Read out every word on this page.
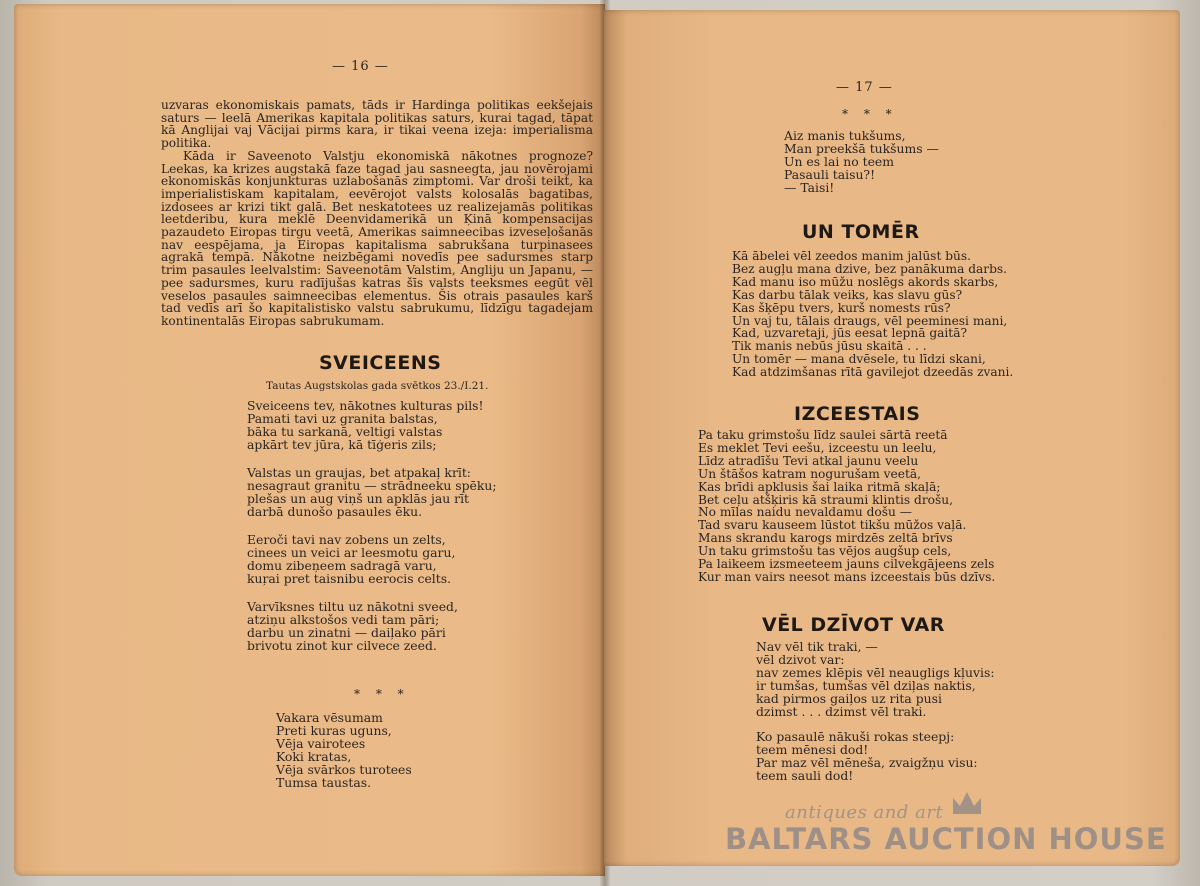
— 16 —

uzvaras ekonomiskais pamats, tāds ir Hardinga politikas eekšejais saturs — leelā Amerikas kapitala politikas saturs, kurai tagad, tāpat kā Anglijai vaj Vācijai pirms kara, ir tikai veena izeja: imperialisma politika.

Kāda ir Saveenoto Valstju ekonomiskā nākotnes prognoze? Leekas, ka krizes augstakā faze tagad jau sasneegta, jau novērojami ekonomiskās konjunkturas uzlabošanās zimptomi. Var droši teikt, ka imperialistiskam kapitalam, eevērojot valsts kolosalās bagatibas, izdosees ar krizi tikt galā. Bet neskatotees uz realizejamās politikas leetderibu, kura meklē Deenvidamerikā un Ķinā kompensacijas pazaudeto Eiropas tirgu veetā, Amerikas saimneecibas izveseļošanās nav eespējama, ja Eiropas kapitalisma sabrukšana turpinasees agrakā tempā. Nākotne neizbēgami novedīs pee sadursmes starp trim pasaules leelvalstim: Saveenotām Valstim, Angliju un Japanu, — pee sadursmes, kuru radījušas katras šīs valsts teeksmes eegūt vēl veselos pasaules saimneecibas elementus. Šis otrais pasaules karš tad vedīs arī šo kapitalistisko valstu sabrukumu, līdzīgu tagadejam kontinentalās Eiropas sabrukumam.

SVEICEENS
Tautas Augstskolas gada svētkos 23./I.21.
Sveiceens tev, nākotnes kulturas pils!
Pamati tavi uz granita balstas,
bāka tu sarkanā, veltigi valstas
apkārt tev jūra, kā tīģeris zils;
Valstas un graujas, bet atpakaļ krīt:
nesagraut granitu — strādneeku spēku;
plešas un aug viņš un apklās jau rīt
darbā dunošo pasaules ēku.
Eeroči tavi nav zobens un zelts,
cinees un veici ar leesmotu garu,
domu zibeņeem sadragā varu,
kuŗai pret taisnibu eerocis celts.
Varvīksnes tiltu uz nākotni sveed,
atziņu alkstošos vedi tam pāri;
darbu un zinatni — daiļako pāri
brivotu zinot kur cilvece zeed.
* * *
Vakara vēsumam
Preti kuras uguns,
Vēja vairotees
Koki kratas,
Vēja svārkos turotees
Tumsa taustas.
— 17 —
* * *
Aiz manis tukšums,
Man preekšā tukšums —
Un es lai no teem
Pasauli taisu?!
— Taisi!
UN TOMĒR
Kā ābelei vēl zeedos manim jalūst būs.
Bez augļu mana dzive, bez panākuma darbs.
Kad manu iso mūžu noslēgs akords skarbs,
Kas darbu tālak veiks, kas slavu gūs?
Kas šķēpu tvers, kurš nomests rūs?
Un vaj tu, tālais draugs, vēl peeminesi mani,
Kad, uzvaretaji, jūs eesat lepnā gaitā?
Tik manis nebūs jūsu skaitā . . .
Un tomēr — mana dvēsele, tu līdzi skani,
Kad atdzimšanas rītā gavilejot dzeedās zvani.
IZCEESTAIS
Pa taku grimstošu līdz saulei sārtā reetā
Es meklet Tevi eešu, izceestu un leelu,
Līdz atradīšu Tevi atkal jaunu veelu
Un štāšos katram nogurušam veetā,
Kas brīdi apklusis šai laika ritmā skaļā;
Bet ceļu atšķiris kā straumi klintis drošu,
No mīlas naidu nevaldamu došu —
Tad svaru kauseem lūstot tikšu mūžos vaļā.
Mans skrandu karogs mirdzēs zeltā brīvs
Un taku grimstošu tas vējos augšup cels,
Pa laikeem izsmeeteem jauns cilvekgājeens zels
Kur man vairs neesot mans izceestais būs dzīvs.
VĒL DZĪVOT VAR
Nav vēl tik traki, —
vēl dzivot var:
nav zemes klēpis vēl neaugligs kļuvis:
ir tumšas, tumšas vēl dziļas naktis,
kad pirmos gaiļos uz rita pusi
dzimst . . . dzimst vēl traki.

Ko pasaulē nākuši rokas steepj:
teem mēnesi dod!
Par maz vēl mēneša, zvaigžņu visu:
teem sauli dod!
antiques and art
BALTARS AUCTION HOUSE
